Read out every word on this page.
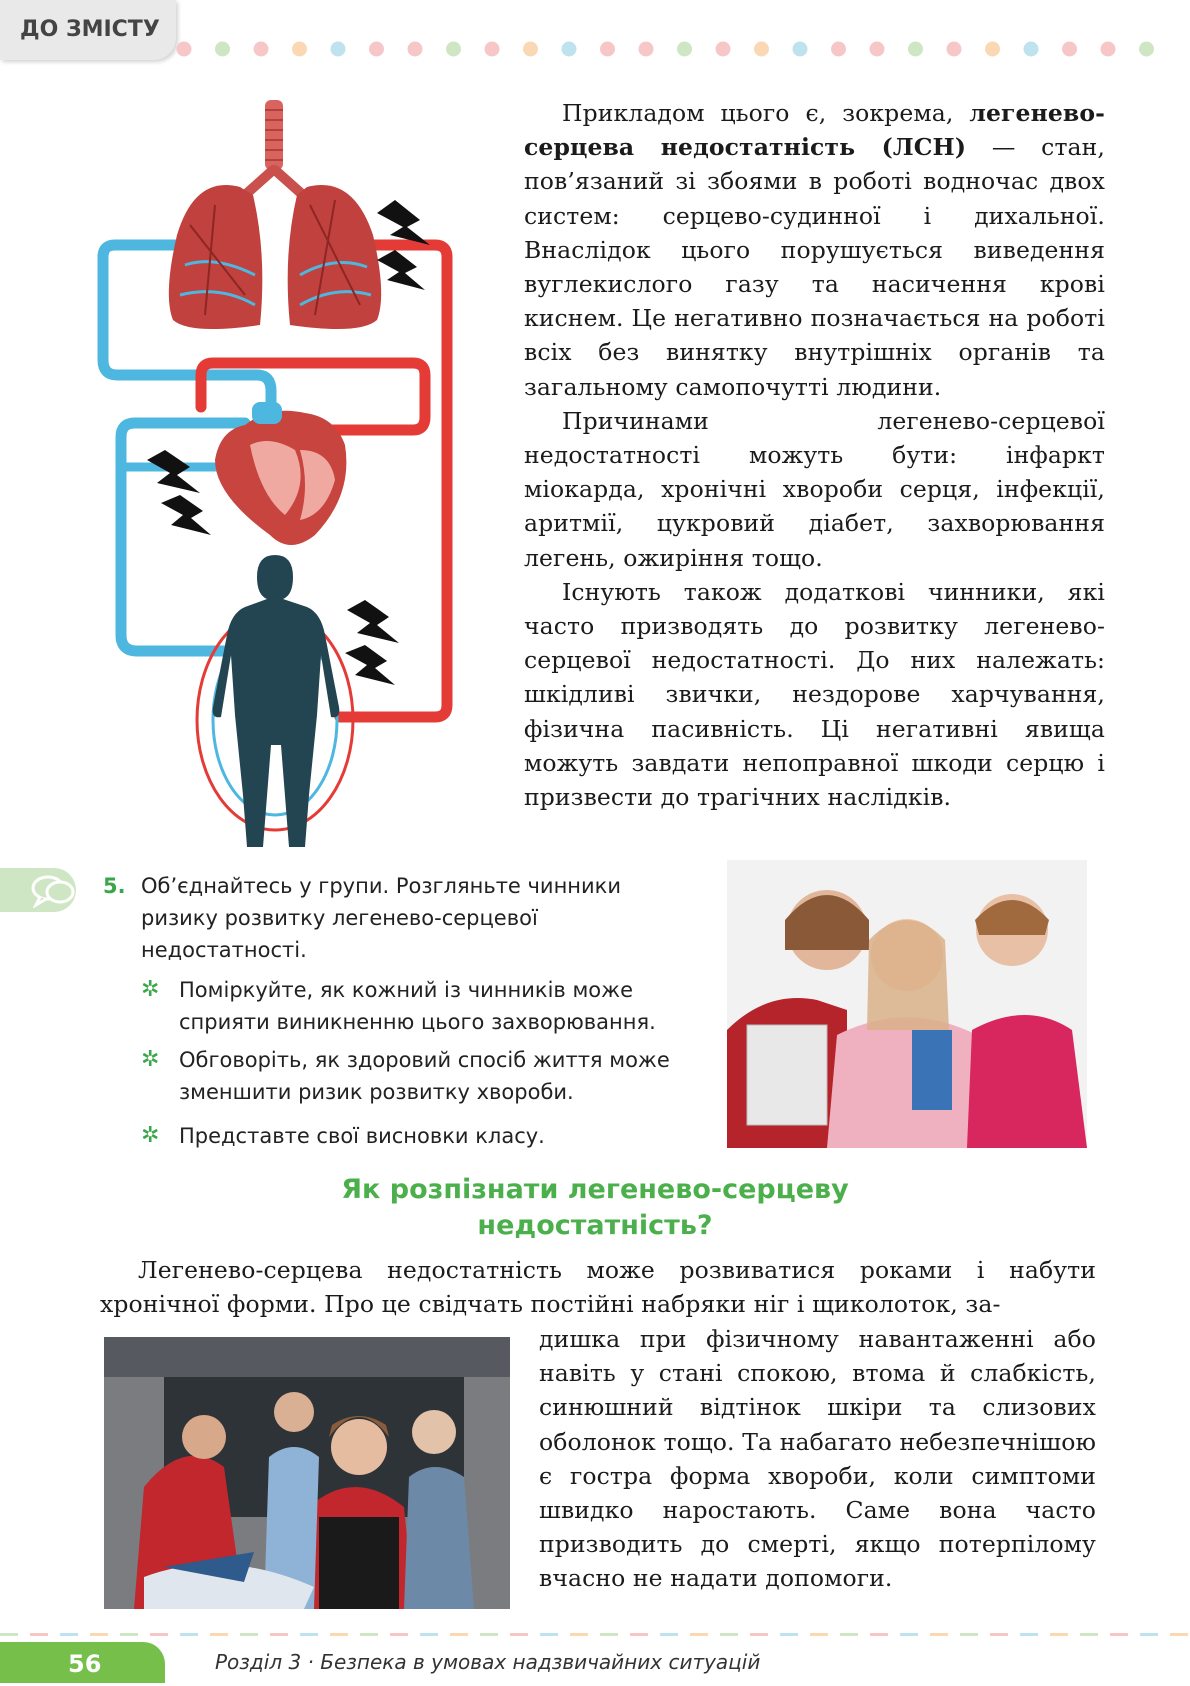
ДО ЗМІСТУ

Прикладом цього є, зокрема, легенево-серцева недостатність (ЛСН) — стан, пов’язаний зі збоями в роботі водночас двох систем: серцево-судинної і дихальної. Внаслідок цього порушується виведення вуглекислого газу та насичення крові киснем. Це негативно позначається на роботі всіх без винятку внутрішніх органів та загальному самопочутті людини.

Причинами легенево-серцевої недостатності можуть бути: інфаркт міокарда, хронічні хвороби серця, інфекції, аритмії, цукровий діабет, захворювання легень, ожиріння тощо.

Існують також додаткові чинники, які часто призводять до розвитку легенево-серцевої недостатності. До них належать: шкідливі звички, нездорове харчування, фізична пасивність. Ці негативні явища можуть завдати непоправної шкоди серцю і призвести до трагічних наслідків.

5. Об’єднайтесь у групи. Розгляньте чинники ризику розвитку легенево-серцевої недостатності.
✲ Поміркуйте, як кожний із чинників може сприяти виникненню цього захворювання.
✲ Обговоріть, як здоровий спосіб життя може зменшити ризик розвитку хвороби.
✲ Представте свої висновки класу.
Як розпізнати легенево-серцеву
недостатність?

Легенево-серцева недостатність може розвиватися роками і набути хронічної форми. Про це свідчать постійні набряки ніг і щиколоток, за-

дишка при фізичному навантаженні або навіть у стані спокою, втома й слабкість, синюшний відтінок шкіри та слизових оболонок тощо. Та набагато небезпечнішою є гостра форма хвороби, коли симптоми швидко наростають. Саме вона часто призводить до смерті, якщо потерпілому вчасно не надати допомоги.

56	Розділ 3 · Безпека в умовах надзвичайних ситуацій
